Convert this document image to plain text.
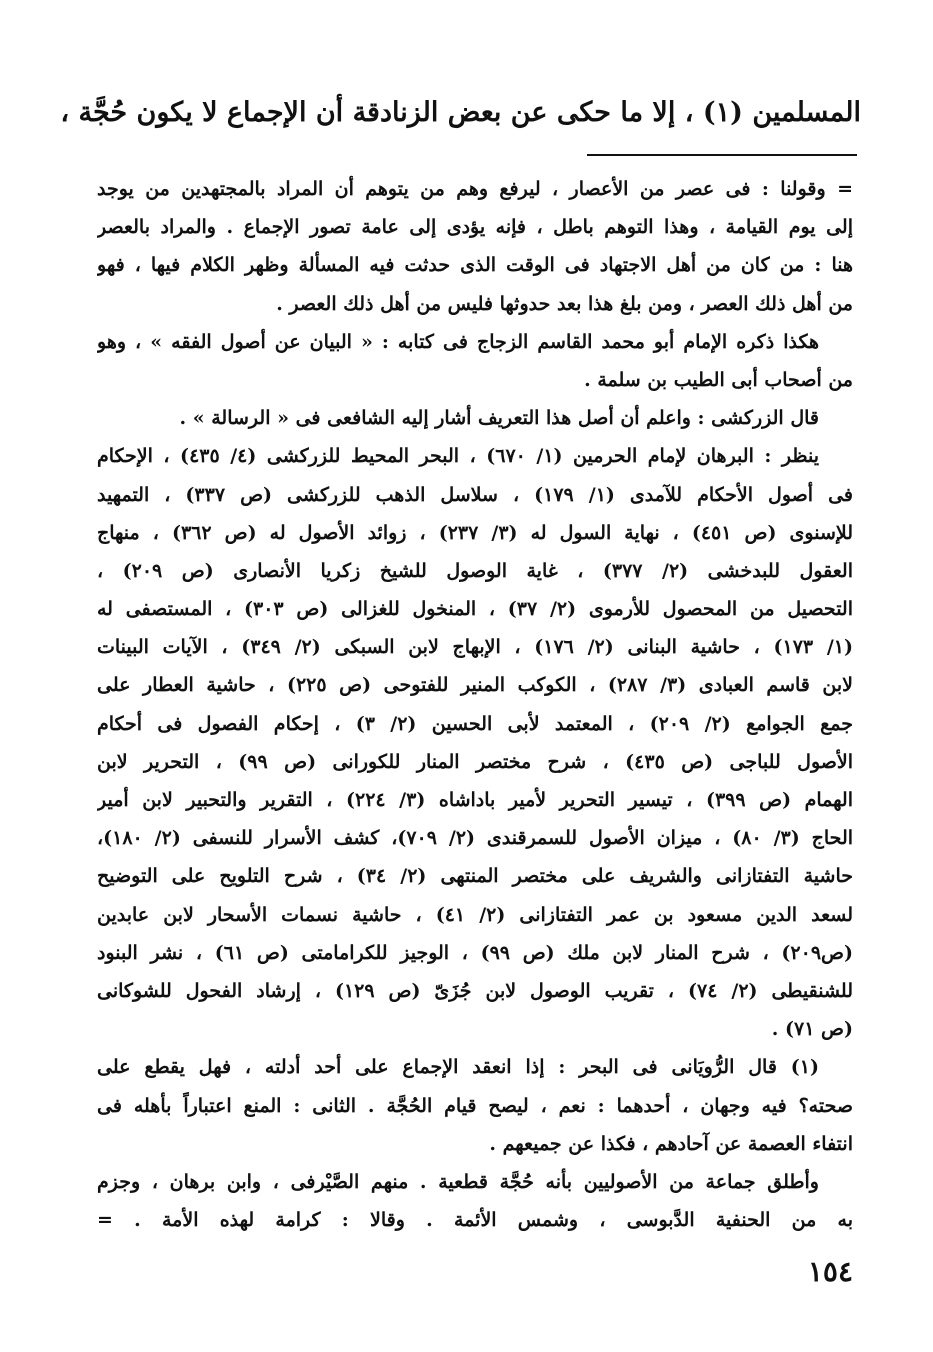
المسلمين (١) ، إلا ما حكى عن بعض الزنادقة أن الإجماع لا يكون حُجَّة ،
= وقولنا : فى عصر من الأعصار ، ليرفع وهم من يتوهم أن المراد بالمجتهدين من يوجد
إلى يوم القيامة ، وهذا التوهم باطل ، فإنه يؤدى إلى عامة تصور الإجماع . والمراد بالعصر
هنا : من كان من أهل الاجتهاد فى الوقت الذى حدثت فيه المسألة وظهر الكلام فيها ، فهو
من أهل ذلك العصر ، ومن بلغ هذا بعد حدوثها فليس من أهل ذلك العصر .
هكذا ذكره الإمام أبو محمد القاسم الزجاج فى كتابه : « البيان عن أصول الفقه » ، وهو
من أصحاب أبى الطيب بن سلمة .
قال الزركشى : واعلم أن أصل هذا التعريف أشار إليه الشافعى فى « الرسالة » .
ينظر : البرهان لإمام الحرمين (١/ ٦٧٠) ، البحر المحيط للزركشى (٤/ ٤٣٥) ، الإحكام
فى أصول الأحكام للآمدى (١/ ١٧٩) ، سلاسل الذهب للزركشى (ص ٣٣٧) ، التمهيد
للإسنوى (ص ٤٥١) ، نهاية السول له (٣/ ٢٣٧) ، زوائد الأصول له (ص ٣٦٢) ، منهاج
العقول للبدخشى (٢/ ٣٧٧) ، غاية الوصول للشيخ زكريا الأنصارى (ص ٢٠٩) ،
التحصيل من المحصول للأرموى (٢/ ٣٧) ، المنخول للغزالى (ص ٣٠٣) ، المستصفى له
(١/ ١٧٣) ، حاشية البنانى (٢/ ١٧٦) ، الإبهاج لابن السبكى (٢/ ٣٤٩) ، الآيات البينات
لابن قاسم العبادى (٣/ ٢٨٧) ، الكوكب المنير للفتوحى (ص ٢٢٥) ، حاشية العطار على
جمع الجوامع (٢/ ٢٠٩) ، المعتمد لأبى الحسين (٢/ ٣) ، إحكام الفصول فى أحكام
الأصول للباجى (ص ٤٣٥) ، شرح مختصر المنار للكورانى (ص ٩٩) ، التحرير لابن
الهمام (ص ٣٩٩) ، تيسير التحرير لأمير باداشاه (٣/ ٢٢٤) ، التقرير والتحبير لابن أمير
الحاج (٣/ ٨٠) ، ميزان الأصول للسمرقندى (٢/ ٧٠٩)، كشف الأسرار للنسفى (٢/ ١٨٠)،
حاشية التفتازانى والشريف على مختصر المنتهى (٢/ ٣٤) ، شرح التلويح على التوضيح
لسعد الدين مسعود بن عمر التفتازانى (٢/ ٤١) ، حاشية نسمات الأسحار لابن عابدين
(ص٢٠٩) ، شرح المنار لابن ملك (ص ٩٩) ، الوجيز للكرامامتى (ص ٦١) ، نشر البنود
للشنقيطى (٢/ ٧٤) ، تقريب الوصول لابن جُزَىّ (ص ١٢٩) ، إرشاد الفحول للشوكانى
(ص ٧١) .
(١) قال الرُّويَانى فى البحر : إذا انعقد الإجماع على أحد أدلته ، فهل يقطع على
صحته؟ فيه وجهان ، أحدهما : نعم ، ليصح قيام الحُجَّة . الثانى : المنع اعتباراً بأهله فى
انتفاء العصمة عن آحادهم ، فكذا عن جميعهم .
وأطلق جماعة من الأصوليين بأنه حُجَّة قطعية . منهم الصَّيْرفى ، وابن برهان ، وجزم
به من الحنفية الدَّبوسى ، وشمس الأئمة . وقالا : كرامة لهذه الأمة . =
١٥٤
